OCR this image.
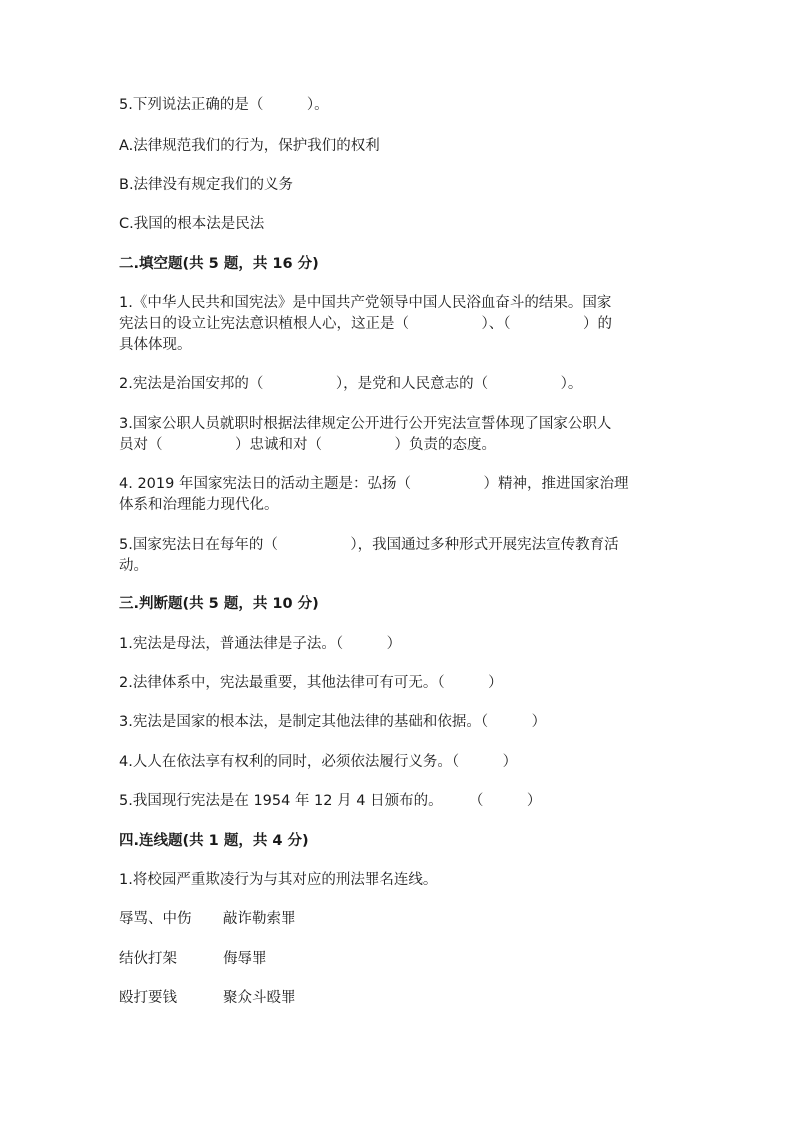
5.下列说法正确的是（　　　）。
A.法律规范我们的行为，保护我们的权利
B.法律没有规定我们的义务
C.我国的根本法是民法
二.填空题(共 5 题，共 16 分)
1.《中华人民共和国宪法》是中国共产党领导中国人民浴血奋斗的结果。国家
宪法日的设立让宪法意识植根人心，这正是（　　　　　）、（　　　　　）的
具体体现。
2.宪法是治国安邦的（　　　　　），是党和人民意志的（　　　　　）。
3.国家公职人员就职时根据法律规定公开进行公开宪法宣誓体现了国家公职人
员对（　　　　　）忠诚和对（　　　　　）负责的态度。
4. 2019 年国家宪法日的活动主题是：弘扬（　　　　　）精神，推进国家治理
体系和治理能力现代化。
5.国家宪法日在每年的（　　　　　），我国通过多种形式开展宪法宣传教育活
动。
三.判断题(共 5 题，共 10 分)
1.宪法是母法，普通法律是子法。（　　　）
2.法律体系中，宪法最重要，其他法律可有可无。（　　　）
3.宪法是国家的根本法，是制定其他法律的基础和依据。（　　　）
4.人人在依法享有权利的同时，必须依法履行义务。（　　　）
5.我国现行宪法是在 1954 年 12 月 4 日颁布的。　　 （　　　）
四.连线题(共 1 题，共 4 分)
1.将校园严重欺凌行为与其对应的刑法罪名连线。
辱骂、中伤 敲诈勒索罪
结伙打架	侮辱罪
殴打要钱	聚众斗殴罪
